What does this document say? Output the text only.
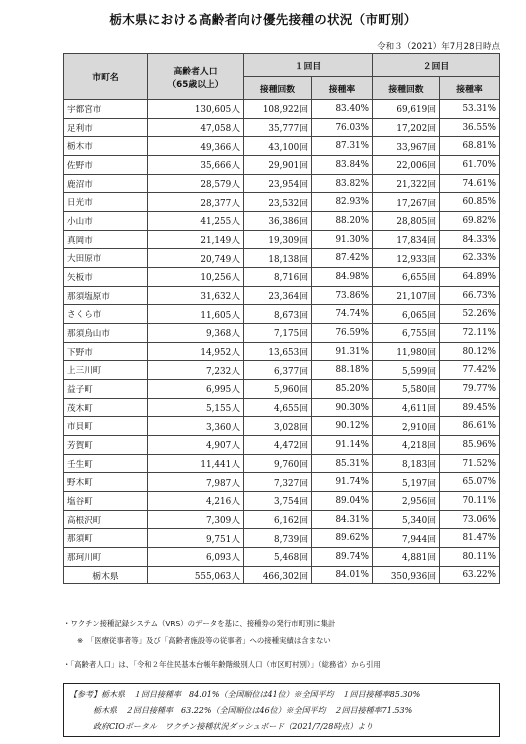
栃木県における高齢者向け優先接種の状況（市町別）
令和３（2021）年7月28日時点
市町名	高齢者人口
（65歳以上）	１回目		２回目	
		接種回数	接種率	接種回数	接種率
宇都宮市	130,605人	108,922回	83.40%	69,619回	53.31%
足利市	47,058人	35,777回	76.03%	17,202回	36.55%
栃木市	49,366人	43,100回	87.31%	33,967回	68.81%
佐野市	35,666人	29,901回	83.84%	22,006回	61.70%
鹿沼市	28,579人	23,954回	83.82%	21,322回	74.61%
日光市	28,377人	23,532回	82.93%	17,267回	60.85%
小山市	41,255人	36,386回	88.20%	28,805回	69.82%
真岡市	21,149人	19,309回	91.30%	17,834回	84.33%
大田原市	20,749人	18,138回	87.42%	12,933回	62.33%
矢板市	10,256人	8,716回	84.98%	6,655回	64.89%
那須塩原市	31,632人	23,364回	73.86%	21,107回	66.73%
さくら市	11,605人	8,673回	74.74%	6,065回	52.26%
那須烏山市	9,368人	7,175回	76.59%	6,755回	72.11%
下野市	14,952人	13,653回	91.31%	11,980回	80.12%
上三川町	7,232人	6,377回	88.18%	5,599回	77.42%
益子町	6,995人	5,960回	85.20%	5,580回	79.77%
茂木町	5,155人	4,655回	90.30%	4,611回	89.45%
市貝町	3,360人	3,028回	90.12%	2,910回	86.61%
芳賀町	4,907人	4,472回	91.14%	4,218回	85.96%
壬生町	11,441人	9,760回	85.31%	8,183回	71.52%
野木町	7,987人	7,327回	91.74%	5,197回	65.07%
塩谷町	4,216人	3,754回	89.04%	2,956回	70.11%
高根沢町	7,309人	6,162回	84.31%	5,340回	73.06%
那須町	9,751人	8,739回	89.62%	7,944回	81.47%
那珂川町	6,093人	5,468回	89.74%	4,881回	80.11%
栃木県	555,063人	466,302回	84.01%	350,936回	63.22%
・ワクチン接種記録システム（VRS）のデータを基に、接種券の発行市町別に集計
※　「医療従事者等」及び「高齢者施設等の従事者」への接種実績は含まない
・「高齢者人口」は、「令和２年住民基本台帳年齢階級別人口（市区町村別）」（総務省）から引用
【参考】栃木県　１回目接種率　84.01%（全国順位は41位）※全国平均　１回目接種率85.30%
栃木県　２回目接種率　63.22%（全国順位は46位）※全国平均　２回目接種率71.53%
政府CIOポータル　ワクチン接種状況ダッシュボード（2021/7/28時点）より
